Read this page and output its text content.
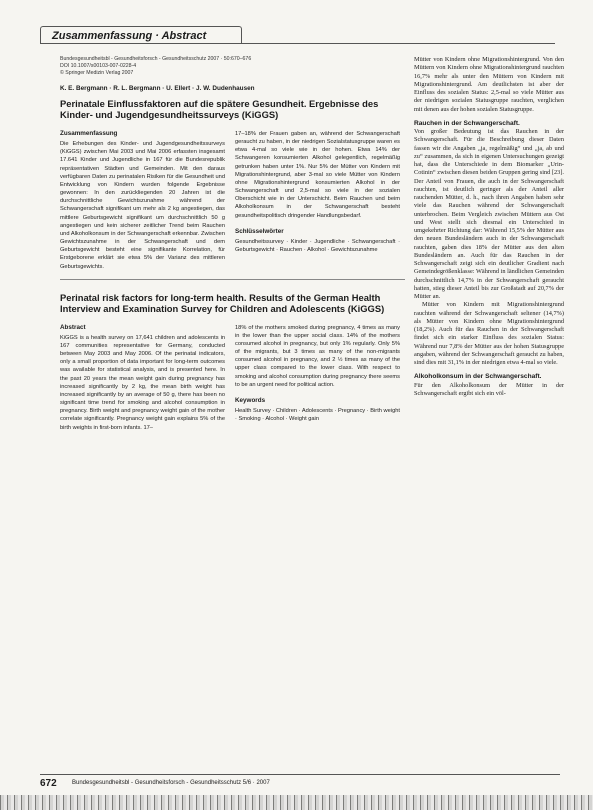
Zusammenfassung · Abstract
Bundesgesundheitsbl - Gesundheitsforsch - Gesundheitsschutz 2007 · 50:670–676
DOI 10.1007/s00103-007-0228-4
© Springer Medizin Verlag 2007
K. E. Bergmann · R. L. Bergmann · U. Ellert · J. W. Dudenhausen
Perinatale Einflussfaktoren auf die spätere Gesundheit. Ergebnisse des Kinder- und Jugendgesundheitssurveys (KiGGS)
Zusammenfassung
Die Erhebungen des Kinder- und Jugendgesundheitssurveys (KiGGS) zwischen Mai 2003 und Mai 2006 erfassten insgesamt 17.641 Kinder und Jugendliche in 167 für die Bundesrepublik repräsentativen Städten und Gemeinden. Mit den daraus verfügbaren Daten zu perinatalen Risiken für die Gesundheit und Entwicklung von Kindern wurden folgende Ergebnisse gewonnen: In den zurückliegenden 20 Jahren ist die durchschnittliche Gewichtszunahme während der Schwangerschaft signifikant um mehr als 2 kg angestiegen, das mittlere Geburtsgewicht signifikant um durchschnittlich 50 g angestiegen und kein sicherer zeitlicher Trend beim Rauchen und Alkoholkonsum in der Schwangerschaft erkennbar. Zwischen Gewichtszunahme in der Schwangerschaft und dem Geburtsgewicht besteht eine signifikante Korrelation, für Erstgeborene erklärt sie etwa 5% der Varianz des mittleren Geburtsgewichts.
17–18% der Frauen gaben an, während der Schwangerschaft geraucht zu haben, in der niedrigen Sozialstatusgruppe waren es etwa 4-mal so viele wie in der hohen. Etwa 14% der Schwangeren konsumierten Alkohol gelegentlich, regelmäßig getrunken haben unter 1%. Nur 5% der Mütter von Kindern mit Migrationshintergrund, aber 3-mal so viele Mütter von Kindern ohne Migrationshintergrund konsumierten Alkohol in der Schwangerschaft und 2,5-mal so viele in der sozialen Oberschicht wie in der Unterschicht. Beim Rauchen und beim Alkoholkonsum in der Schwangerschaft besteht gesundheitspolitisch dringender Handlungsbedarf.
Schlüsselwörter
Gesundheitssurvey · Kinder · Jugendliche · Schwangerschaft · Geburtsgewicht · Rauchen · Alkohol · Gewichtszunahme
Perinatal risk factors for long-term health. Results of the German Health Interview and Examination Survey for Children and Adolescents (KiGGS)
Abstract
KiGGS is a health survey on 17,641 children and adolescents in 167 communities representative for Germany, conducted between May 2003 and May 2006. Of the perinatal indicators, only a small proportion of data important for long-term outcomes was available for statistical analysis, and is presented here. In the past 20 years the mean weight gain during pregnancy has increased significantly by 2 kg, the mean birth weight has increased significantly by an average of 50 g, there has been no significant time trend for smoking and alcohol consumption in pregnancy. Birth weight and pregnancy weight gain of the mother correlate significantly. Pregnancy weight gain explains 5% of the birth weights in first-born infants. 17–
18% of the mothers smoked during pregnancy, 4 times as many in the lower than the upper social class. 14% of the mothers consumed alcohol in pregnancy, but only 1% regularly. Only 5% of the migrants, but 3 times as many of the non-migrants consumed alcohol in pregnancy, and 2 ½ times as many of the upper class compared to the lower class. With respect to smoking and alcohol consumption during pregnancy there seems to be an urgent need for political action.
Keywords
Health Survey · Children · Adolescents · Pregnancy · Birth weight · Smoking · Alcohol · Weight gain

Mütter von Kindern ohne Migrationshintergrund. Von den Müttern von Kindern ohne Migrationshintergrund rauchten 16,7% mehr als unter den Müttern von Kindern mit Migrationshintergrund. Am deutlichsten ist aber der Einfluss des sozialen Status: 2,5-mal so viele Mütter aus der niedrigen sozialen Statusgruppe rauchten, verglichen mit denen aus der hohen sozialen Statusgruppe.

Rauchen in der Schwangerschaft.

Von großer Bedeutung ist das Rauchen in der Schwangerschaft. Für die Beschreibung dieser Daten fassen wir die Angaben „ja, regelmäßig“ und „ja, ab und zu“ zusammen, da sich in eigenen Untersuchungen gezeigt hat, dass die Unterschiede in dem Biomarker „Urin-Cotinin“ zwischen diesen beiden Gruppen gering sind [23]. Der Anteil von Frauen, die auch in der Schwangerschaft rauchten, ist deutlich geringer als der Anteil aller rauchenden Mütter, d. h., nach ihren Angaben haben sehr viele das Rauchen während der Schwangerschaft unterbrochen. Beim Vergleich zwischen Müttern aus Ost und West stellt sich diesmal ein Unterschied in umgekehrter Richtung dar: Während 15,5% der Mütter aus den neuen Bundesländern auch in der Schwangerschaft rauchten, gaben dies 18% der Mütter aus den alten Bundesländern an. Auch für das Rauchen in der Schwangerschaft zeigt sich ein deutlicher Gradient nach Gemeindegrößenklasse: Während in ländlichen Gemeinden durchschnittlich 14,7% in der Schwangerschaft geraucht hatten, stieg dieser Anteil bis zur Großstadt auf 20,7% der Mütter an.

Mütter von Kindern mit Migrationshintergrund rauchten während der Schwangerschaft seltener (14,7%) als Mütter von Kindern ohne Migrationshintergrund (18,2%). Auch für das Rauchen in der Schwangerschaft findet sich ein starker Einfluss des sozialen Status: Während nur 7,8% der Mütter aus der hohen Statusgruppe angaben, während der Schwangerschaft geraucht zu haben, sind dies mit 31,1% in der niedrigen etwa 4-mal so viele.

Alkoholkonsum in der Schwangerschaft.

Für den Alkoholkonsum der Mütter in der Schwangerschaft ergibt sich ein völ-

672	Bundesgesundheitsbl - Gesundheitsforsch - Gesundheitsschutz 5/6 · 2007
